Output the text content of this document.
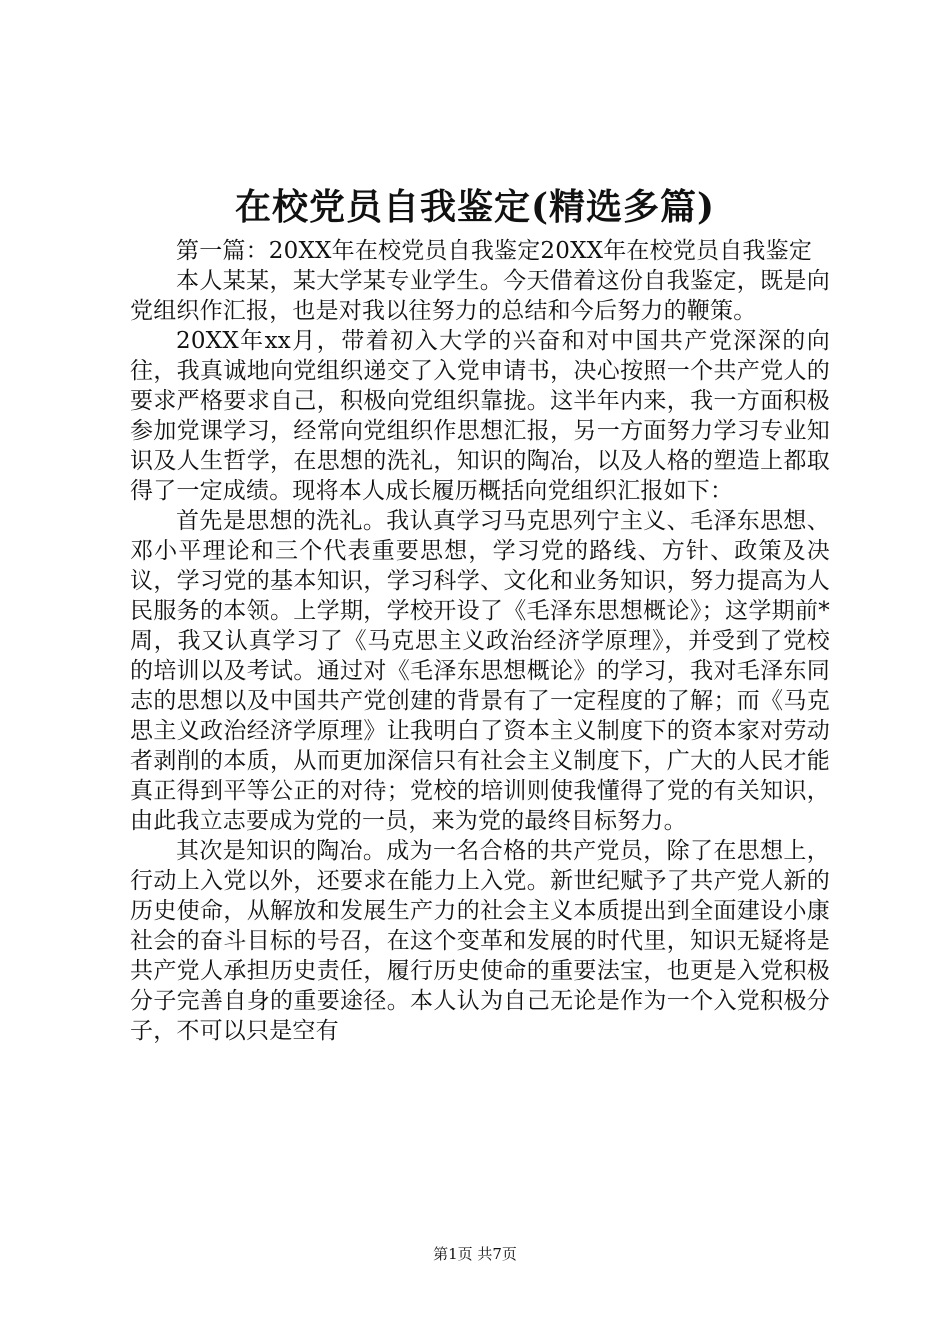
在校党员自我鉴定(精选多篇)

第一篇：20XX年在校党员自我鉴定20XX年在校党员自我鉴定

本人某某，某大学某专业学生。今天借着这份自我鉴定，既是向党组织作汇报，也是对我以往努力的总结和今后努力的鞭策。

20XX年xx月，带着初入大学的兴奋和对中国共产党深深的向往，我真诚地向党组织递交了入党申请书，决心按照一个共产党人的要求严格要求自己，积极向党组织靠拢。这半年内来，我一方面积极参加党课学习，经常向党组织作思想汇报，另一方面努力学习专业知识及人生哲学，在思想的洗礼，知识的陶冶，以及人格的塑造上都取得了一定成绩。现将本人成长履历概括向党组织汇报如下：

首先是思想的洗礼。我认真学习马克思列宁主义、毛泽东思想、邓小平理论和三个代表重要思想，学习党的路线、方针、政策及决议，学习党的基本知识，学习科学、文化和业务知识，努力提高为人民服务的本领。上学期，学校开设了《毛泽东思想概论》；这学期前*周，我又认真学习了《马克思主义政治经济学原理》，并受到了党校的培训以及考试。通过对《毛泽东思想概论》的学习，我对毛泽东同志的思想以及中国共产党创建的背景有了一定程度的了解；而《马克思主义政治经济学原理》让我明白了资本主义制度下的资本家对劳动者剥削的本质，从而更加深信只有社会主义制度下，广大的人民才能真正得到平等公正的对待；党校的培训则使我懂得了党的有关知识，由此我立志要成为党的一员，来为党的最终目标努力。

其次是知识的陶冶。成为一名合格的共产党员，除了在思想上，行动上入党以外，还要求在能力上入党。新世纪赋予了共产党人新的历史使命，从解放和发展生产力的社会主义本质提出到全面建设小康社会的奋斗目标的号召，在这个变革和发展的时代里，知识无疑将是共产党人承担历史责任，履行历史使命的重要法宝，也更是入党积极分子完善自身的重要途径。本人认为自己无论是作为一个入党积极分子，不可以只是空有

第1页 共7页
